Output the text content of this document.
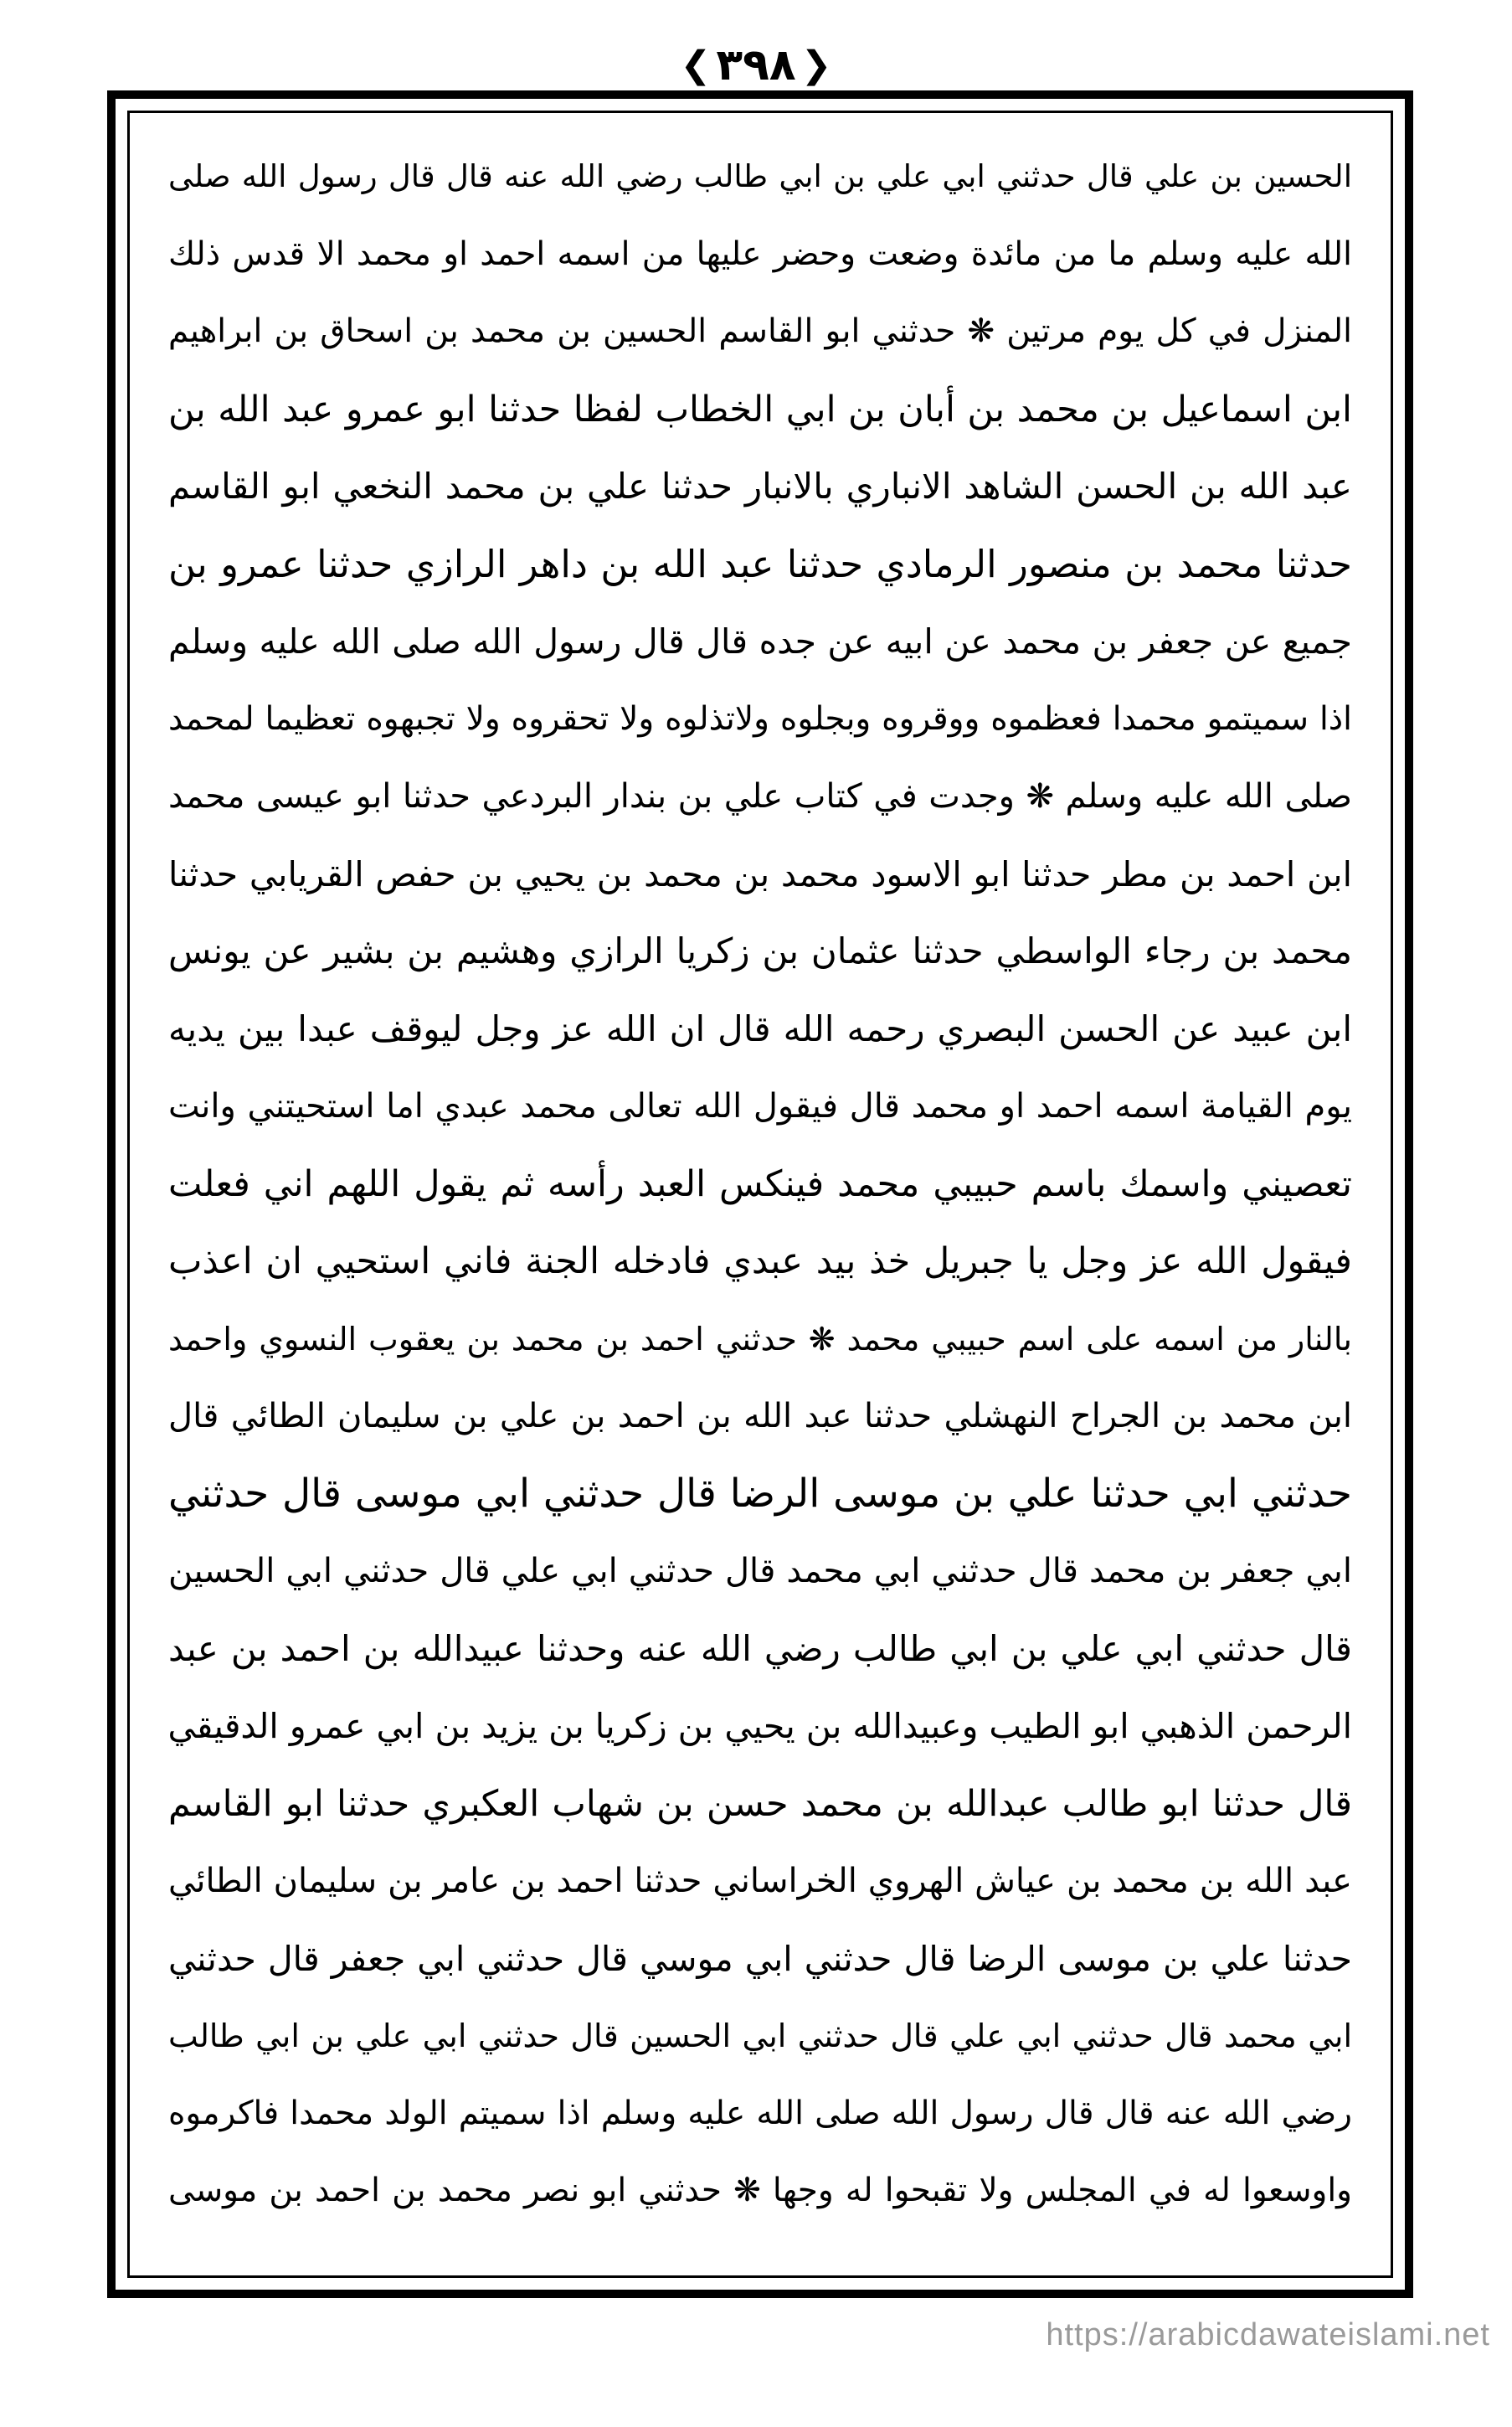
❮ ٣٩٨ ❯
الحسين بن علي قال حدثني ابي علي بن ابي طالب رضي الله عنه قال قال رسول الله صلى
الله عليه وسلم ما من مائدة وضعت وحضر عليها من اسمه احمد او محمد الا قدس ذلك
المنزل في كل يوم مرتين ❋ حدثني ابو القاسم الحسين بن محمد بن اسحاق بن ابراهيم
ابن اسماعيل بن محمد بن أبان بن ابي الخطاب لفظا حدثنا ابو عمرو عبد الله بن
عبد الله بن الحسن الشاهد الانباري بالانبار حدثنا علي بن محمد النخعي ابو القاسم
حدثنا محمد بن منصور الرمادي حدثنا عبد الله بن داهر الرازي حدثنا عمرو بن
جميع عن جعفر بن محمد عن ابيه عن جده قال قال رسول الله صلى الله عليه وسلم
اذا سميتمو محمدا فعظموه ووقروه وبجلوه ولاتذلوه ولا تحقروه ولا تجبهوه تعظيما لمحمد
صلى الله عليه وسلم ❋ وجدت في كتاب علي بن بندار البردعي حدثنا ابو عيسى محمد
ابن احمد بن مطر حدثنا ابو الاسود محمد بن محمد بن يحيي بن حفص القريابي حدثنا
محمد بن رجاء الواسطي حدثنا عثمان بن زكريا الرازي وهشيم بن بشير عن يونس
ابن عبيد عن الحسن البصري رحمه الله قال ان الله عز وجل ليوقف عبدا بين يديه
يوم القيامة اسمه احمد او محمد قال فيقول الله تعالى محمد عبدي اما استحيتني وانت
تعصيني واسمك باسم حبيبي محمد فينكس العبد رأسه ثم يقول اللهم اني فعلت
فيقول الله عز وجل يا جبريل خذ بيد عبدي فادخله الجنة فاني استحيي ان اعذب
بالنار من اسمه على اسم حبيبي محمد ❋ حدثني احمد بن محمد بن يعقوب النسوي واحمد
ابن محمد بن الجراح النهشلي حدثنا عبد الله بن احمد بن علي بن سليمان الطائي قال
حدثني ابي حدثنا علي بن موسى الرضا قال حدثني ابي موسى قال حدثني
ابي جعفر بن محمد قال حدثني ابي محمد قال حدثني ابي علي قال حدثني ابي الحسين
قال حدثني ابي علي بن ابي طالب رضي الله عنه وحدثنا عبيدالله بن احمد بن عبد
الرحمن الذهبي ابو الطيب وعبيدالله بن يحيي بن زكريا بن يزيد بن ابي عمرو الدقيقي
قال حدثنا ابو طالب عبدالله بن محمد حسن بن شهاب العكبري حدثنا ابو القاسم
عبد الله بن محمد بن عياش الهروي الخراساني حدثنا احمد بن عامر بن سليمان الطائي
حدثنا علي بن موسى الرضا قال حدثني ابي موسي قال حدثني ابي جعفر قال حدثني
ابي محمد قال حدثني ابي علي قال حدثني ابي الحسين قال حدثني ابي علي بن ابي طالب
رضي الله عنه قال قال رسول الله صلى الله عليه وسلم اذا سميتم الولد محمدا فاكرموه
واوسعوا له في المجلس ولا تقبحوا له وجها ❋ حدثني ابو نصر محمد بن احمد بن موسى
https://arabicdawateislami.net
